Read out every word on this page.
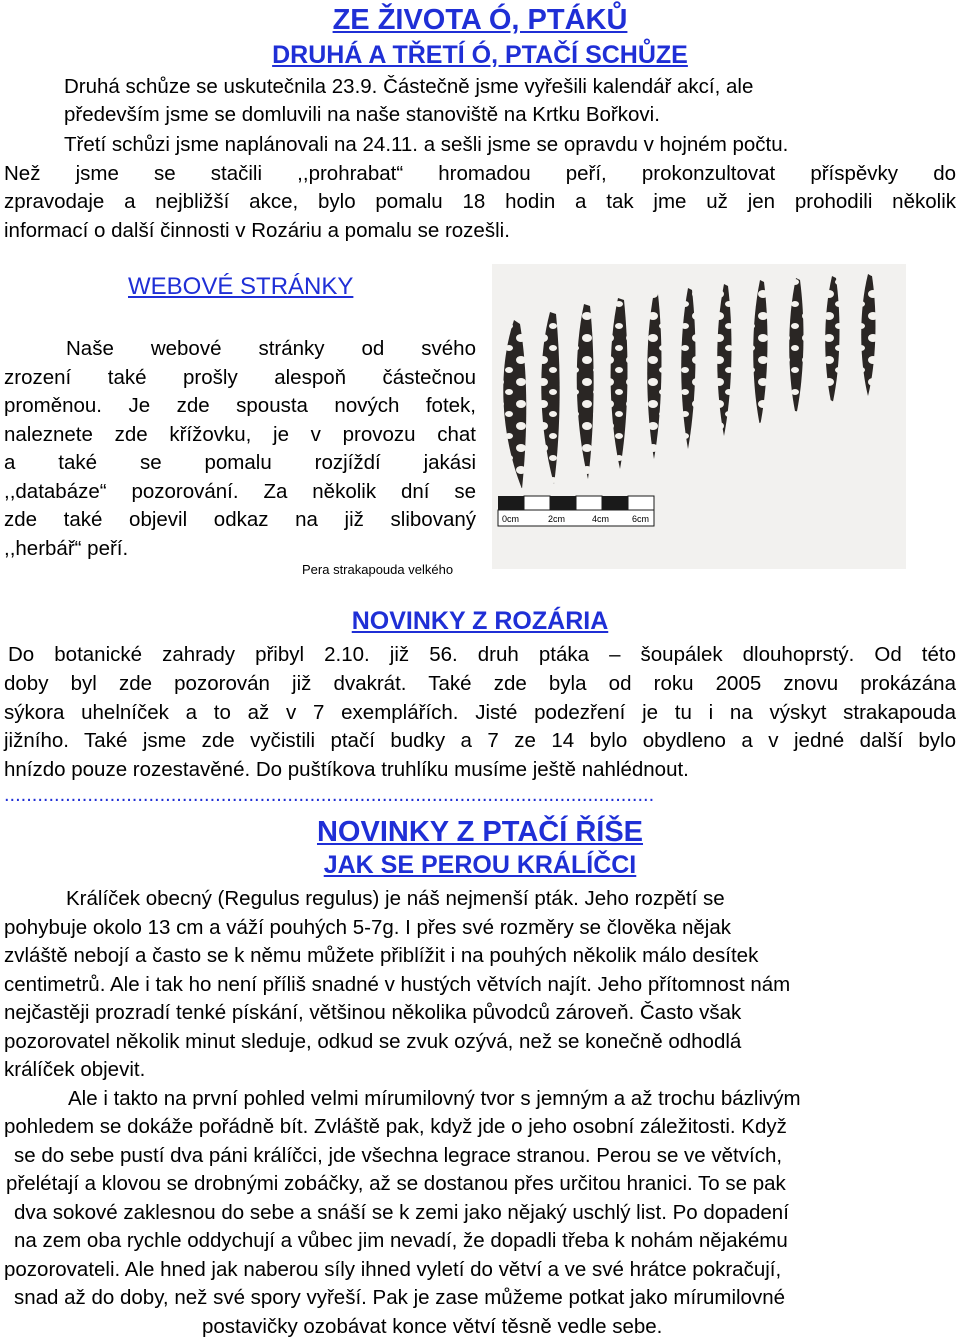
ZE ŽIVOTA Ó, PTÁKŮ
DRUHÁ A TŘETÍ Ó, PTAČÍ SCHŮZE
Druhá schůze se uskutečnila 23.9. Částečně jsme vyřešili kalendář akcí, ale
především jsme se domluvili na naše stanoviště na Krtku Bořkovi.
Třetí schůzi jsme naplánovali na 24.11. a sešli jsme se opravdu v hojném počtu.
Než jsme se stačili ,,prohrabat“ hromadou peří, prokonzultovat příspěvky do
zpravodaje a nejbližší akce, bylo pomalu 18 hodin a tak jme už jen prohodili několik
informací o další činnosti v Rozáriu a pomalu se rozešli.
WEBOVÉ STRÁNKY
Naše webové stránky od svého
zrození také prošly alespoň částečnou
proměnou. Je zde spousta nových fotek,
naleznete zde křížovku, je v provozu chat
a také se pomalu rozjíždí jakási
,,databáze“ pozorování. Za několik dní se
zde také objevil odkaz na již slibovaný
,,herbář“ peří.
Pera strakapouda velkého
0cm	2cm	4cm	6cm
NOVINKY Z ROZÁRIA
Do botanické zahrady přibyl 2.10. již 56. druh ptáka – šoupálek dlouhoprstý. Od této
doby byl zde pozorován již dvakrát. Také zde byla od roku 2005 znovu prokázána
sýkora uhelníček a to až v 7 exemplářích. Jisté podezření je tu i na výskyt strakapouda
jižního. Také jsme zde vyčistili ptačí budky a 7 ze 14 bylo obydleno a v jedné další bylo
hnízdo pouze rozestavěné. Do puštíkova truhlíku musíme ještě nahlédnout.
.....................................................................................................................
NOVINKY Z PTAČÍ ŘÍŠE
JAK SE PEROU KRÁLÍČCI
Králíček obecný (Regulus regulus) je náš nejmenší pták. Jeho rozpětí se
pohybuje okolo 13 cm a váží pouhých 5-7g. I přes své rozměry se člověka nějak
zvláště nebojí a často se k němu můžete přiblížit i na pouhých několik málo desítek
centimetrů. Ale i tak ho není příliš snadné v hustých větvích najít. Jeho přítomnost nám
nejčastěji prozradí tenké pískání, většinou několika původců zároveň. Často však
pozorovatel několik minut sleduje, odkud se zvuk ozývá, než se konečně odhodlá
králíček objevit.
Ale i takto na první pohled velmi mírumilovný tvor s jemným a až trochu bázlivým
pohledem se dokáže pořádně bít. Zvláště pak, když jde o jeho osobní záležitosti. Když
se do sebe pustí dva páni králíčci, jde všechna legrace stranou. Perou se ve větvích,
přelétají a klovou se drobnými zobáčky, až se dostanou přes určitou hranici. To se pak
dva sokové zaklesnou do sebe a snáší se k zemi jako nějaký uschlý list. Po dopadení
na zem oba rychle oddychují a vůbec jim nevadí, že dopadli třeba k nohám nějakému
pozorovateli. Ale hned jak naberou síly ihned vyletí do větví a ve své hrátce pokračují,
snad až do doby, než své spory vyřeší. Pak je zase můžeme potkat jako mírumilovné
postavičky ozobávat konce větví těsně vedle sebe.
